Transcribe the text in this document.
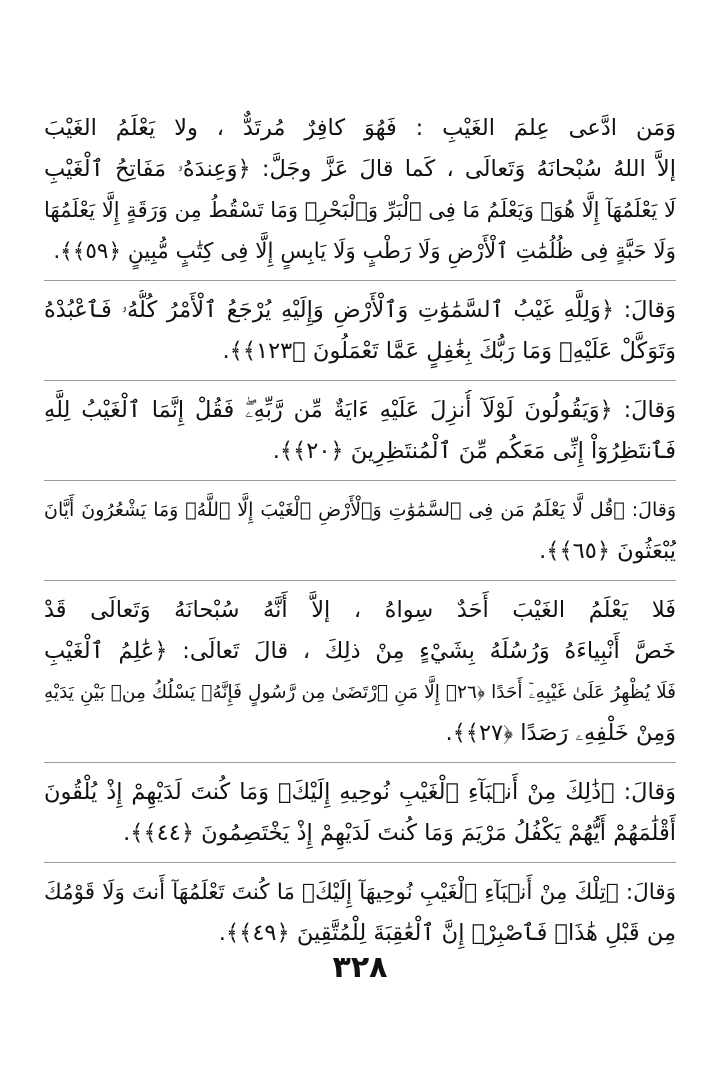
وَمَن ادَّعى عِلمَ الغَيْبِ : فَهُوَ كافِرٌ مُرتَدٌّ ، ولا يَعْلَمُ الغَيْبَ
إلاَّ اللهُ سُبْحانَهُ وَتَعالَى ، كَما قالَ عَزَّ وجَلَّ: ﴿وَعِندَهُۥ مَفَاتِحُ ٱلْغَيْبِ
لَا يَعْلَمُهَآ إِلَّا هُوَۚ وَيَعْلَمُ مَا فِى ٱلْبَرِّ وَٱلْبَحْرِۚ وَمَا تَسْقُطُ مِن وَرَقَةٍ إِلَّا يَعْلَمُهَا
وَلَا حَبَّةٍ فِى ظُلُمَٰتِ ٱلْأَرْضِ وَلَا رَطْبٍ وَلَا يَابِسٍ إِلَّا فِى كِتَٰبٍ مُّبِينٍ ﴿٥٩﴾﴾.
وَقالَ: ﴿وَلِلَّهِ غَيْبُ ٱلسَّمَٰوَٰتِ وَٱلْأَرْضِ وَإِلَيْهِ يُرْجَعُ ٱلْأَمْرُ كُلُّهُۥ فَٱعْبُدْهُ
وَتَوَكَّلْ عَلَيْهِۚ وَمَا رَبُّكَ بِغَٰفِلٍ عَمَّا تَعْمَلُونَ ﴿١٢٣﴾﴾.
وَقالَ: ﴿وَيَقُولُونَ لَوْلَآ أُنزِلَ عَلَيْهِ ءَايَةٌ مِّن رَّبِّهِۦۖ فَقُلْ إِنَّمَا ٱلْغَيْبُ لِلَّهِ
فَٱنتَظِرُوٓاْ إِنِّى مَعَكُم مِّنَ ٱلْمُنتَظِرِينَ ﴿٢٠﴾﴾.
وَقالَ: ﴿قُل لَّا يَعْلَمُ مَن فِى ٱلسَّمَٰوَٰتِ وَٱلْأَرْضِ ٱلْغَيْبَ إِلَّا ٱللَّهُۚ وَمَا يَشْعُرُونَ أَيَّانَ
يُبْعَثُونَ ﴿٦٥﴾﴾.
فَلا يَعْلَمُ الغَيْبَ أَحَدٌ سِواهُ ، إلاَّ أَنَّهُ سُبْحانَهُ وَتَعالَى قَدْ
خَصَّ أَنْبِياءَهُ وَرُسُلَهُ بِشَيْءٍ مِنْ ذلِكَ ، قالَ تَعالَى: ﴿عَٰلِمُ ٱلْغَيْبِ
فَلَا يُظْهِرُ عَلَىٰ غَيْبِهِۦٓ أَحَدًا ﴿٢٦﴾ إِلَّا مَنِ ٱرْتَضَىٰ مِن رَّسُولٍ فَإِنَّهُۥ يَسْلُكُ مِنۢ بَيْنِ يَدَيْهِ
وَمِنْ خَلْفِهِۦ رَصَدًا ﴿٢٧﴾﴾.
وَقالَ: ﴿ذَٰلِكَ مِنْ أَنۢبَآءِ ٱلْغَيْبِ نُوحِيهِ إِلَيْكَۚ وَمَا كُنتَ لَدَيْهِمْ إِذْ يُلْقُونَ
أَقْلَٰمَهُمْ أَيُّهُمْ يَكْفُلُ مَرْيَمَ وَمَا كُنتَ لَدَيْهِمْ إِذْ يَخْتَصِمُونَ ﴿٤٤﴾﴾.
وَقالَ: ﴿تِلْكَ مِنْ أَنۢبَآءِ ٱلْغَيْبِ نُوحِيهَآ إِلَيْكَۖ مَا كُنتَ تَعْلَمُهَآ أَنتَ وَلَا قَوْمُكَ
مِن قَبْلِ هَٰذَاۖ فَٱصْبِرْۖ إِنَّ ٱلْعَٰقِبَةَ لِلْمُتَّقِينَ ﴿٤٩﴾﴾.
٣٢٨
